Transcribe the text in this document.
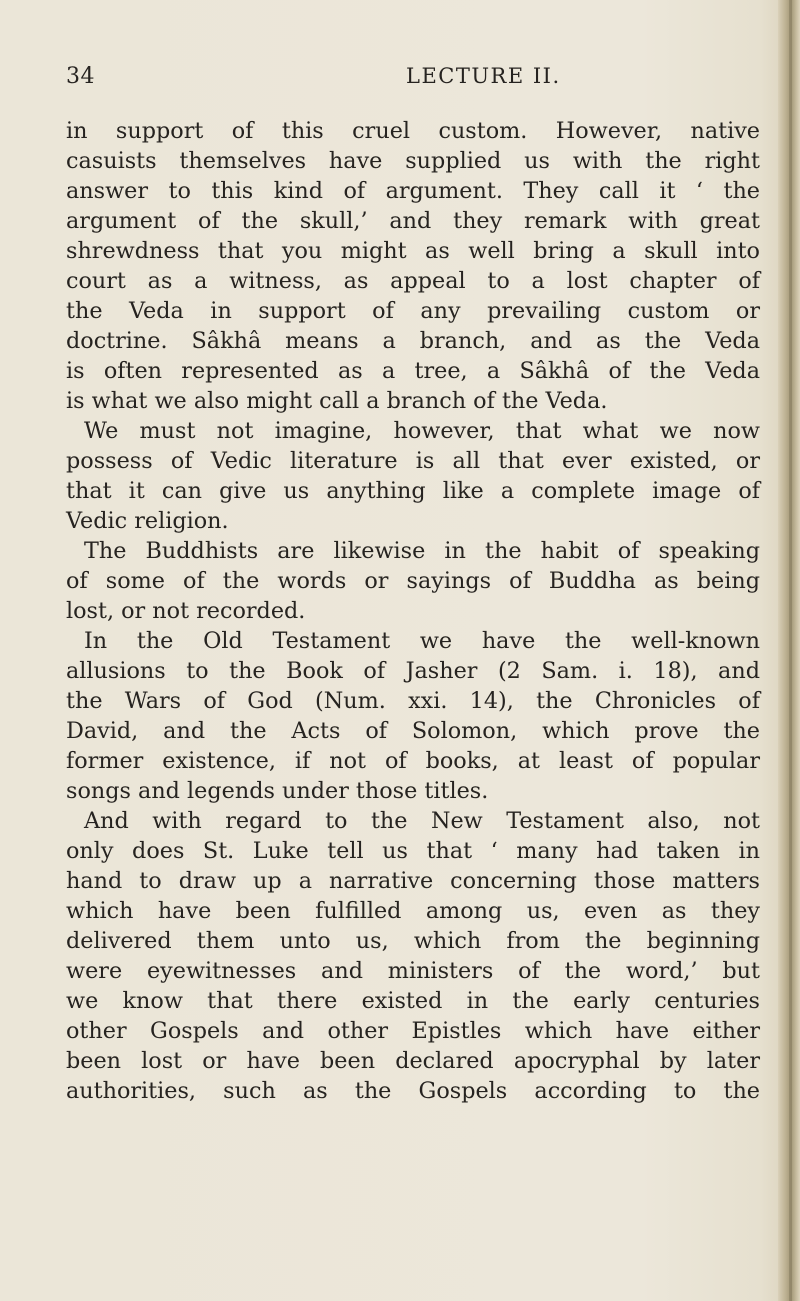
34	LECTURE II.
in support of this cruel custom. However, native
casuists themselves have supplied us with the right
answer to this kind of argument. They call it ‘ the
argument of the skull,’ and they remark with great
shrewdness that you might as well bring a skull into
court as a witness, as appeal to a lost chapter of
the Veda in support of any prevailing custom or
doctrine. Sâkhâ means a branch, and as the Veda
is often represented as a tree, a Sâkhâ of the Veda
is what we also might call a branch of the Veda.
We must not imagine, however, that what we now
possess of Vedic literature is all that ever existed, or
that it can give us anything like a complete image of
Vedic religion.
The Buddhists are likewise in the habit of speaking
of some of the words or sayings of Buddha as being
lost, or not recorded.
In the Old Testament we have the well-known
allusions to the Book of Jasher (2 Sam. i. 18), and
the Wars of God (Num. xxi. 14), the Chronicles of
David, and the Acts of Solomon, which prove the
former existence, if not of books, at least of popular
songs and legends under those titles.
And with regard to the New Testament also, not
only does St. Luke tell us that ‘ many had taken in
hand to draw up a narrative concerning those matters
which have been fulfilled among us, even as they
delivered them unto us, which from the beginning
were eyewitnesses and ministers of the word,’ but
we know that there existed in the early centuries
other Gospels and other Epistles which have either
been lost or have been declared apocryphal by later
authorities, such as the Gospels according to the
